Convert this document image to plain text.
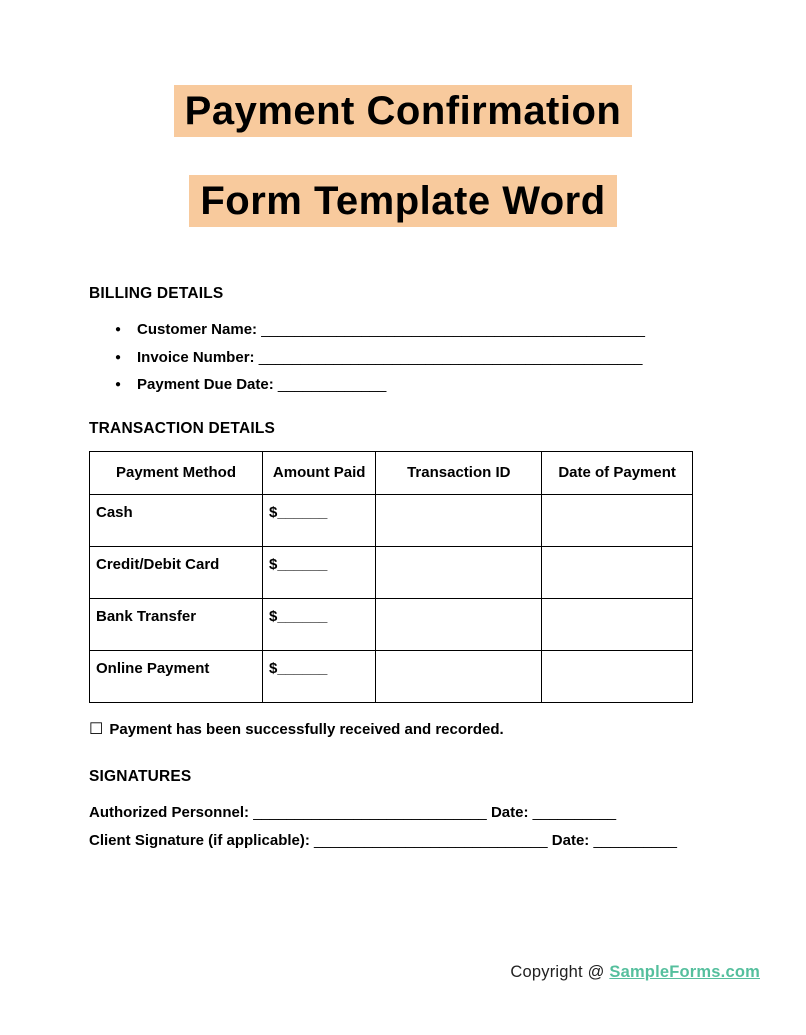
Payment Confirmation
Form Template Word
BILLING DETAILS
● Customer Name: ______________________________________________
● Invoice Number: ______________________________________________
● Payment Due Date: _____________
TRANSACTION DETAILS
Payment Method	Amount Paid	Transaction ID	Date of Payment
Cash	$______		
Credit/Debit Card	$______		
Bank Transfer	$______		
Online Payment	$______		
☐ Payment has been successfully received and recorded.
SIGNATURES
Authorized Personnel: ____________________________ Date: __________
Client Signature (if applicable): ____________________________ Date: __________
Copyright @ SampleForms.com
